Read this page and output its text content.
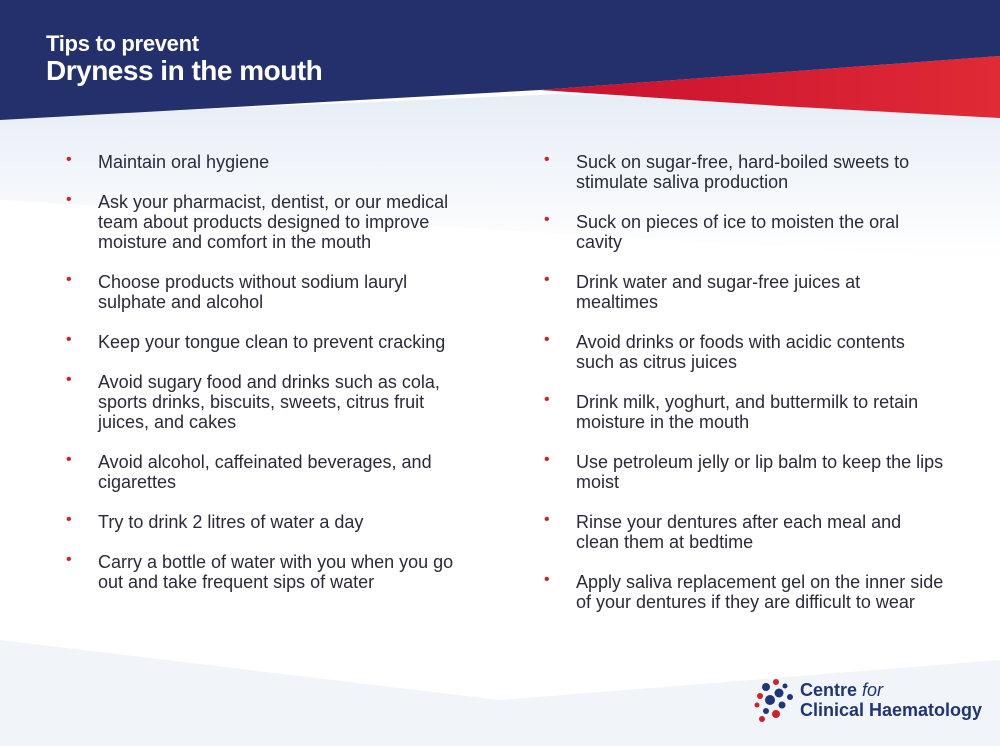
Tips to prevent
Dryness in the mouth
• Maintain oral hygiene
• Ask your pharmacist, dentist, or our medical team about products designed to improve moisture and comfort in the mouth
• Choose products without sodium lauryl sulphate and alcohol
• Keep your tongue clean to prevent cracking
• Avoid sugary food and drinks such as cola, sports drinks, biscuits, sweets, citrus fruit juices, and cakes
• Avoid alcohol, caffeinated beverages, and cigarettes
• Try to drink 2 litres of water a day
• Carry a bottle of water with you when you go out and take frequent sips of water
• Suck on sugar-free, hard-boiled sweets to stimulate saliva production
• Suck on pieces of ice to moisten the oral cavity
• Drink water and sugar-free juices at mealtimes
• Avoid drinks or foods with acidic contents such as citrus juices
• Drink milk, yoghurt, and buttermilk to retain moisture in the mouth
• Use petroleum jelly or lip balm to keep the lips moist
• Rinse your dentures after each meal and clean them at bedtime
• Apply saliva replacement gel on the inner side of your dentures if they are difficult to wear
Centre for
Clinical Haematology
